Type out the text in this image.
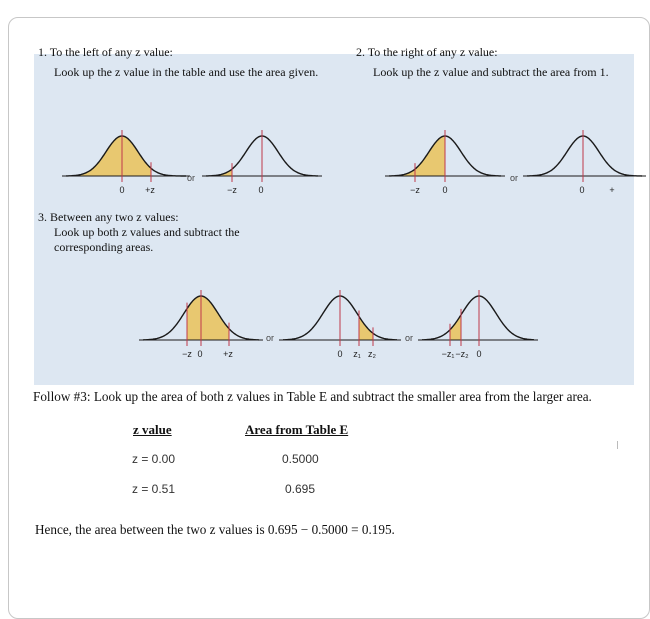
1. To the left of any z value:
Look up the z value in the table and use the area given.
2. To the right of any z value:
Look up the z value and subtract the area from 1.
3. Between any two z values:
Look up both z values and subtract the
corresponding areas.
0 +z
or
−z 0	−z	0
or
0	+
−z 0 +z
or
0 z₁ z₂
or
−z₁ −z₂ 0
Follow #3: Look up the area of both z values in Table E and subtract the smaller area from the larger area.
z value	Area from Table E
z = 0.00	0.5000
z = 0.51	0.695
Hence, the area between the two z values is 0.695 − 0.5000 = 0.195.
